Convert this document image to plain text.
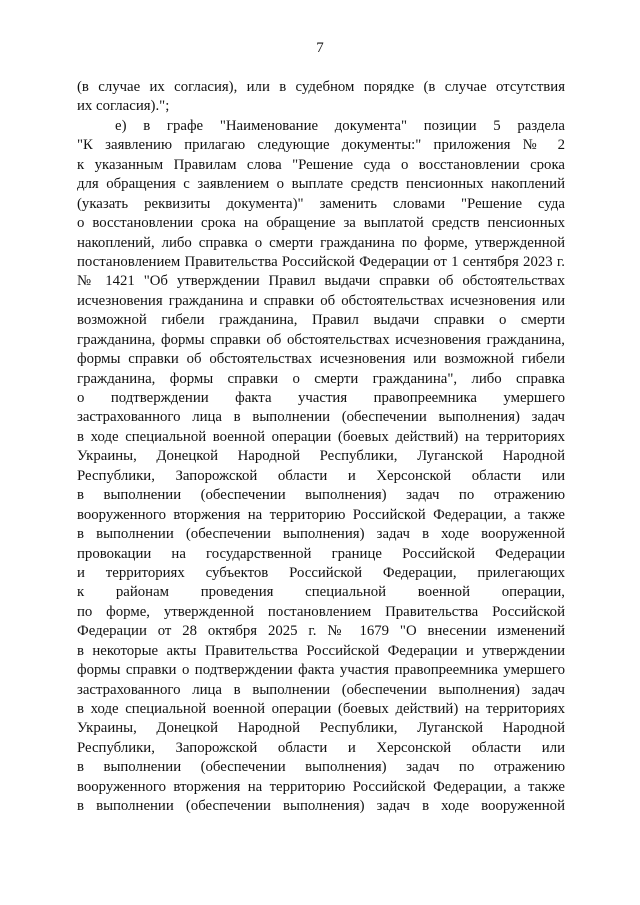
7
(в случае их согласия), или в судебном порядке (в случае отсутствия
их согласия).";
е) в графе "Наименование документа" позиции 5 раздела
"К заявлению прилагаю следующие документы:" приложения № 2
к указанным Правилам слова "Решение суда о восстановлении срока
для обращения с заявлением о выплате средств пенсионных накоплений
(указать реквизиты документа)" заменить словами "Решение суда
о восстановлении срока на обращение за выплатой средств пенсионных
накоплений, либо справка о смерти гражданина по форме, утвержденной
постановлением Правительства Российской Федерации от 1 сентября 2023 г.
№ 1421 "Об утверждении Правил выдачи справки об обстоятельствах
исчезновения гражданина и справки об обстоятельствах исчезновения или
возможной гибели гражданина, Правил выдачи справки о смерти
гражданина, формы справки об обстоятельствах исчезновения гражданина,
формы справки об обстоятельствах исчезновения или возможной гибели
гражданина, формы справки о смерти гражданина", либо справка
о подтверждении факта участия правопреемника умершего
застрахованного лица в выполнении (обеспечении выполнения) задач
в ходе специальной военной операции (боевых действий) на территориях
Украины, Донецкой Народной Республики, Луганской Народной
Республики, Запорожской области и Херсонской области или
в выполнении (обеспечении выполнения) задач по отражению
вооруженного вторжения на территорию Российской Федерации, а также
в выполнении (обеспечении выполнения) задач в ходе вооруженной
провокации на государственной границе Российской Федерации
и территориях субъектов Российской Федерации, прилегающих
к районам проведения специальной военной операции,
по форме, утвержденной постановлением Правительства Российской
Федерации от 28 октября 2025 г. № 1679 "О внесении изменений
в некоторые акты Правительства Российской Федерации и утверждении
формы справки о подтверждении факта участия правопреемника умершего
застрахованного лица в выполнении (обеспечении выполнения) задач
в ходе специальной военной операции (боевых действий) на территориях
Украины, Донецкой Народной Республики, Луганской Народной
Республики, Запорожской области и Херсонской области или
в выполнении (обеспечении выполнения) задач по отражению
вооруженного вторжения на территорию Российской Федерации, а также
в выполнении (обеспечении выполнения) задач в ходе вооруженной
